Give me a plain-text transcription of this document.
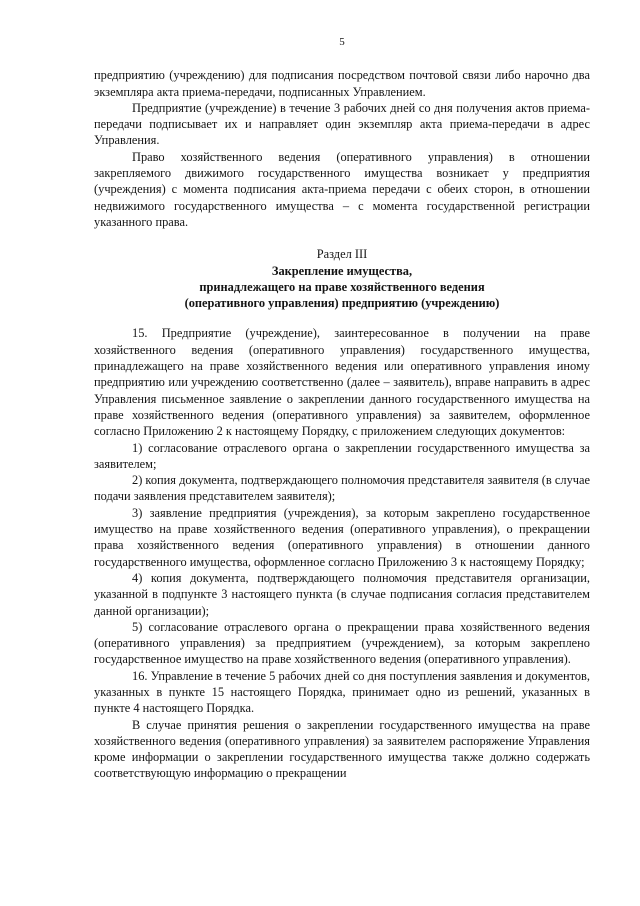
5

предприятию (учреждению) для подписания посредством почтовой связи либо нарочно два экземпляра акта приема-передачи, подписанных Управлением.

Предприятие (учреждение) в течение 3 рабочих дней со дня получения актов приема-передачи подписывает их и направляет один экземпляр акта приема-передачи в адрес Управления.

Право хозяйственного ведения (оперативного управления) в отношении закрепляемого движимого государственного имущества возникает у предприятия (учреждения) с момента подписания акта-приема передачи с обеих сторон, в отношении недвижимого государственного имущества – с момента государственной регистрации указанного права.

Раздел III

Закрепление имущества,

принадлежащего на праве хозяйственного ведения

(оперативного управления) предприятию (учреждению)

15. Предприятие (учреждение), заинтересованное в получении на праве хозяйственного ведения (оперативного управления) государственного имущества, принадлежащего на праве хозяйственного ведения или оперативного управления иному предприятию или учреждению соответственно (далее – заявитель), вправе направить в адрес Управления письменное заявление о закреплении данного государственного имущества на праве хозяйственного ведения (оперативного управления) за заявителем, оформленное согласно Приложению 2 к настоящему Порядку, с приложением следующих документов:

1) согласование отраслевого органа о закреплении государственного имущества за заявителем;

2) копия документа, подтверждающего полномочия представителя заявителя (в случае подачи заявления представителем заявителя);

3) заявление предприятия (учреждения), за которым закреплено государственное имущество на праве хозяйственного ведения (оперативного управления), о прекращении права хозяйственного ведения (оперативного управления) в отношении данного государственного имущества, оформленное согласно Приложению 3 к настоящему Порядку;

4) копия документа, подтверждающего полномочия представителя организации, указанной в подпункте 3 настоящего пункта (в случае подписания согласия представителем данной организации);

5) согласование отраслевого органа о прекращении права хозяйственного ведения (оперативного управления) за предприятием (учреждением), за которым закреплено государственное имущество на праве хозяйственного ведения (оперативного управления).

16. Управление в течение 5 рабочих дней со дня поступления заявления и документов, указанных в пункте 15 настоящего Порядка, принимает одно из решений, указанных в пункте 4 настоящего Порядка.

В случае принятия решения о закреплении государственного имущества на праве хозяйственного ведения (оперативного управления) за заявителем распоряжение Управления кроме информации о закреплении государственного имущества также должно содержать соответствующую информацию о прекращении
